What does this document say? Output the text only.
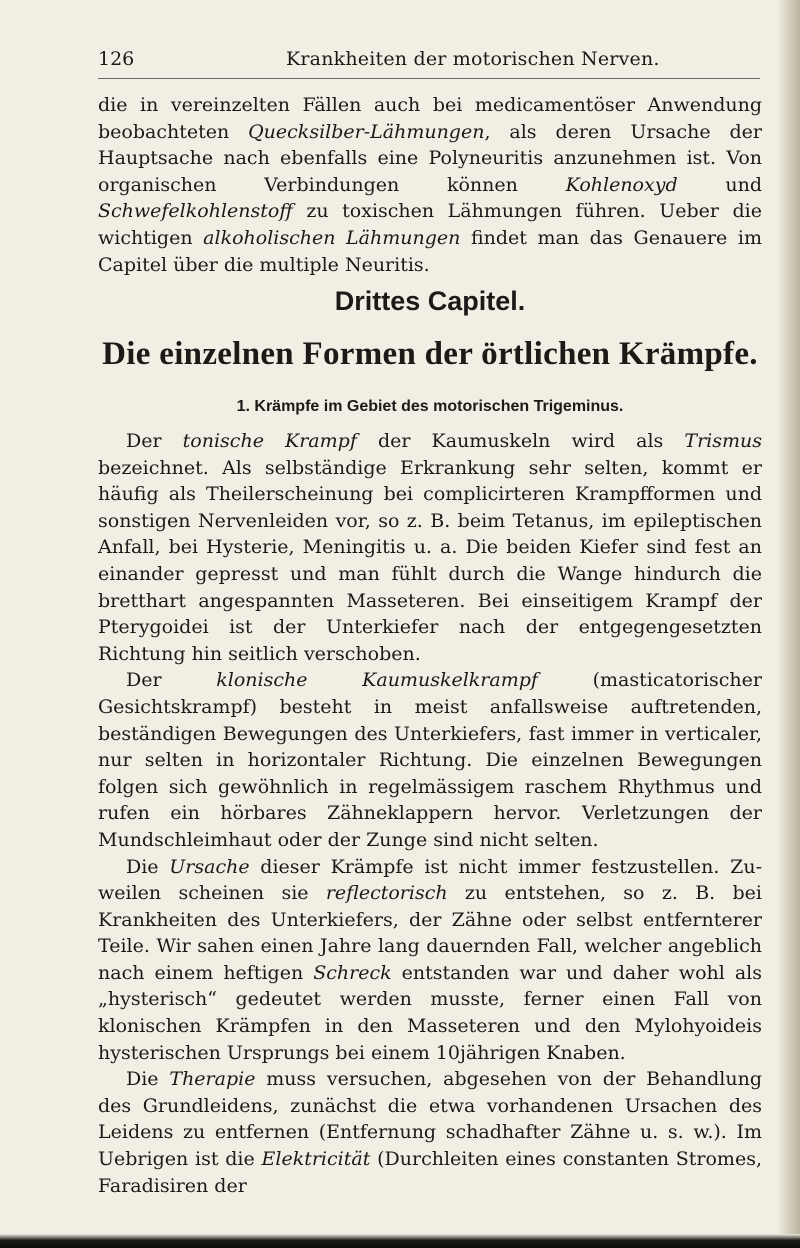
126	Krankheiten der motorischen Nerven.

die in vereinzelten Fällen auch bei medicamentöser Anwendung beobachteten Quecksilber-Lähmungen, als deren Ursache der Hauptsache nach ebenfalls eine Polyneuritis anzunehmen ist. Von organischen Verbindungen können Kohlenoxyd und Schwefelkohlenstoff zu toxischen Lähmungen führen. Ueber die wichtigen alkoholischen Lähmungen findet man das Genauere im Capitel über die multiple Neuritis.

Drittes Capitel.
Die einzelnen Formen der örtlichen Krämpfe.
1. Krämpfe im Gebiet des motorischen Trigeminus.

Der tonische Krampf der Kaumuskeln wird als Trismus bezeichnet. Als selbständige Erkrankung sehr selten, kommt er häufig als Theilerscheinung bei complicirteren Krampfformen und sonstigen Nervenleiden vor, so z. B. beim Tetanus, im epileptischen Anfall, bei Hysterie, Meningitis u. a. Die beiden Kiefer sind fest an einander gepresst und man fühlt durch die Wange hindurch die bretthart angespannten Masseteren. Bei einseitigem Krampf der Pterygoidei ist der Unterkiefer nach der entgegengesetzten Richtung hin seitlich verschoben.

Der klonische Kaumuskelkrampf (masticatorischer Gesichtskrampf) besteht in meist anfallsweise auftretenden, beständigen Bewegungen des Unterkiefers, fast immer in verticaler, nur selten in horizontaler Richtung. Die einzelnen Bewegungen folgen sich gewöhnlich in regelmässigem raschem Rhythmus und rufen ein hörbares Zähneklappern hervor. Verletzungen der Mundschleimhaut oder der Zunge sind nicht selten.

Die Ursache dieser Krämpfe ist nicht immer festzustellen. Zuweilen scheinen sie reflectorisch zu entstehen, so z. B. bei Krankheiten des Unterkiefers, der Zähne oder selbst entfernterer Teile. Wir sahen einen Jahre lang dauernden Fall, welcher angeblich nach einem heftigen Schreck entstanden war und daher wohl als „hysterisch“ gedeutet werden musste, ferner einen Fall von klonischen Krämpfen in den Masseteren und den Mylohyoideis hysterischen Ursprungs bei einem 10jährigen Knaben.

Die Therapie muss versuchen, abgesehen von der Behandlung des Grundleidens, zunächst die etwa vorhandenen Ursachen des Leidens zu entfernen (Entfernung schadhafter Zähne u. s. w.). Im Uebrigen ist die Elektricität (Durchleiten eines constanten Stromes, Faradisiren der
